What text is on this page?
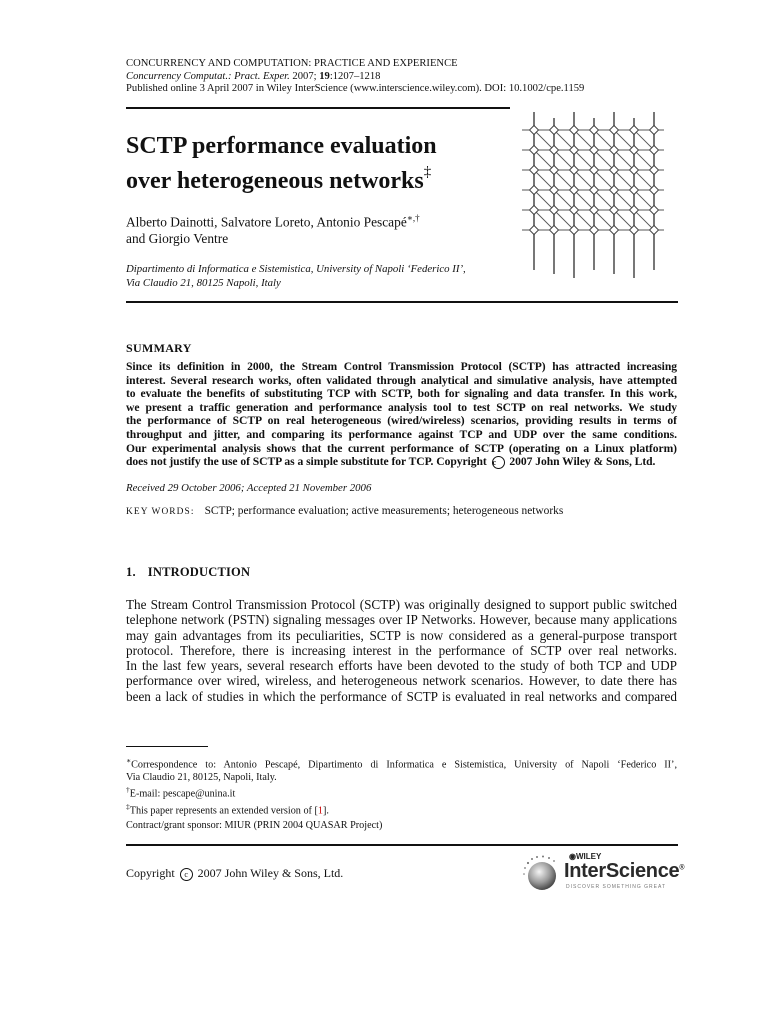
CONCURRENCY AND COMPUTATION: PRACTICE AND EXPERIENCE
Concurrency Computat.: Pract. Exper. 2007; 19:1207–1218
Published online 3 April 2007 in Wiley InterScience (www.interscience.wiley.com). DOI: 10.1002/cpe.1159
SCTP performance evaluation
over heterogeneous networks‡
Alberto Dainotti, Salvatore Loreto, Antonio Pescapé∗,†
and Giorgio Ventre
Dipartimento di Informatica e Sistemistica, University of Napoli ‘Federico II’,
Via Claudio 21, 80125 Napoli, Italy
SUMMARY
Since its definition in 2000, the Stream Control Transmission Protocol (SCTP) has attracted increasing
interest. Several research works, often validated through analytical and simulative analysis, have attempted
to evaluate the benefits of substituting TCP with SCTP, both for signaling and data transfer. In this work,
we present a traffic generation and performance analysis tool to test SCTP on real networks. We study
the performance of SCTP on real heterogeneous (wired/wireless) scenarios, providing results in terms of
throughput and jitter, and comparing its performance against TCP and UDP over the same conditions.
Our experimental analysis shows that the current performance of SCTP (operating on a Linux platform)
does not justify the use of SCTP as a simple substitute for TCP. Copyright c 2007 John Wiley & Sons, Ltd.
Received 29 October 2006; Accepted 21 November 2006
KEY WORDS: SCTP; performance evaluation; active measurements; heterogeneous networks
1. INTRODUCTION
The Stream Control Transmission Protocol (SCTP) was originally designed to support public switched
telephone network (PSTN) signaling messages over IP Networks. However, because many applications
may gain advantages from its peculiarities, SCTP is now considered as a general-purpose transport
protocol. Therefore, there is increasing interest in the performance of SCTP over real networks.
In the last few years, several research efforts have been devoted to the study of both TCP and UDP
performance over wired, wireless, and heterogeneous network scenarios. However, to date there has
been a lack of studies in which the performance of SCTP is evaluated in real networks and compared
∗Correspondence to: Antonio Pescapé, Dipartimento di Informatica e Sistemistica, University of Napoli ‘Federico II’,
Via Claudio 21, 80125, Napoli, Italy.
†E-mail: pescape@unina.it
‡This paper represents an extended version of [1].
Contract/grant sponsor: MIUR (PRIN 2004 QUASAR Project)
Copyright c 2007 John Wiley & Sons, Ltd.
◉WILEY
InterScience®
DISCOVER SOMETHING GREAT
